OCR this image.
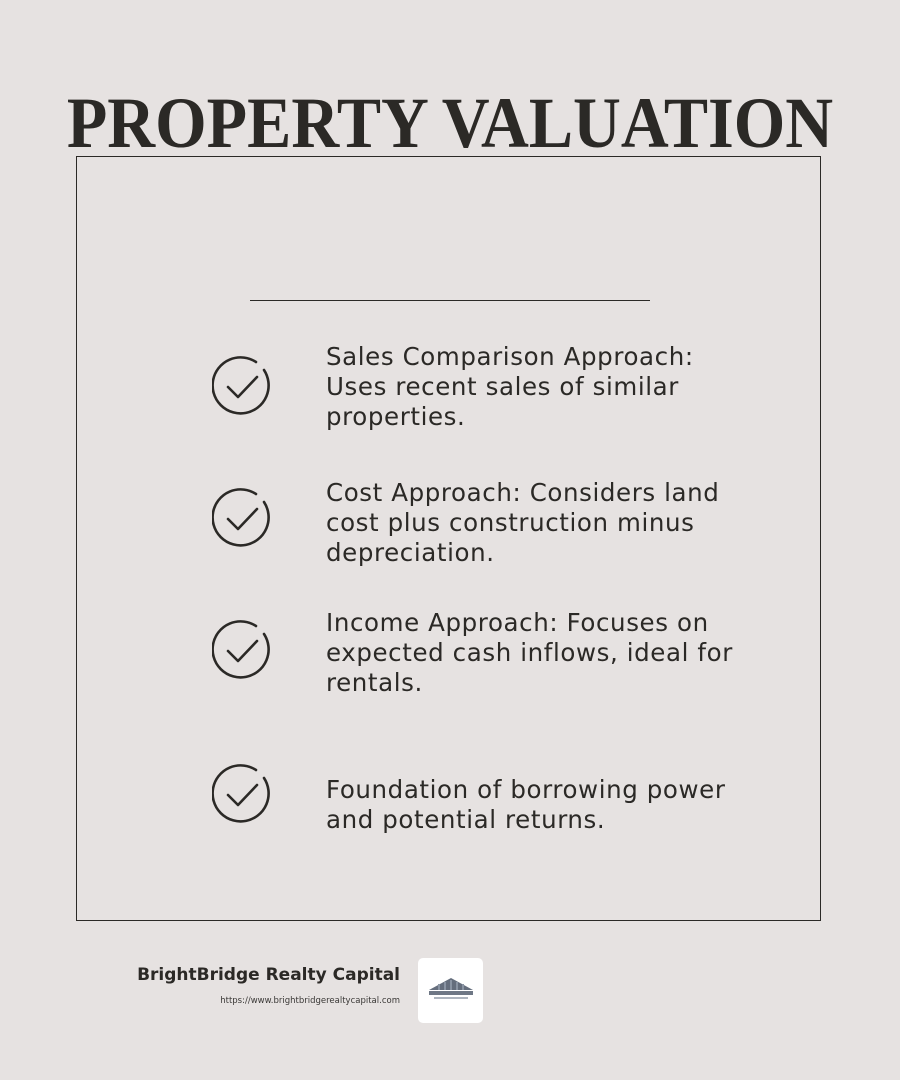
PROPERTY VALUATION
Sales Comparison Approach: Uses recent sales of similar properties.
Cost Approach: Considers land cost plus construction minus depreciation.
Income Approach: Focuses on expected cash inflows, ideal for rentals.
Foundation of borrowing power and potential returns.
BrightBridge Realty Capital
https://www.brightbridgerealtycapital.com
